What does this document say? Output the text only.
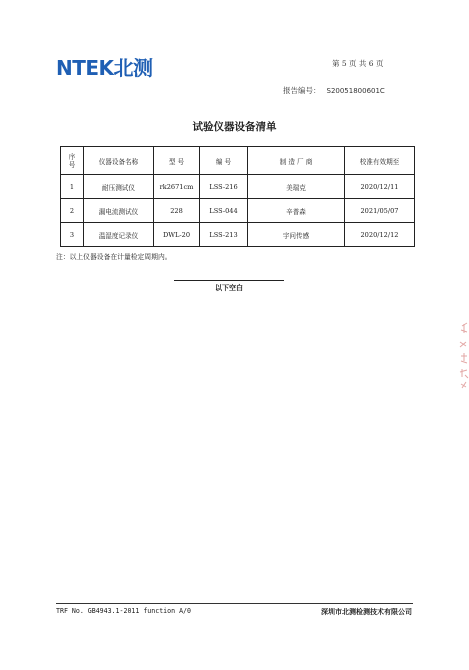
NTEK北测	第 5 页 共 6 页
报告编号： S20051800601C
试验仪器设备清单
序
号	仪器设备名称	型 号	编 号	制 造 厂 商	校准有效期至
1	耐压测试仪	rk2671cm	LSS-216	美瑞克	2020/12/11
2	漏电流测试仪	228	LSS-044	辛普森	2021/05/07
3	温湿度记录仪	DWL-20	LSS-213	宇问传感	2020/12/12
注：以上仪器设备在计量检定周期内。
以下空白
TRF No. GB4943.1-2011 function A/0	深圳市北测检测技术有限公司
